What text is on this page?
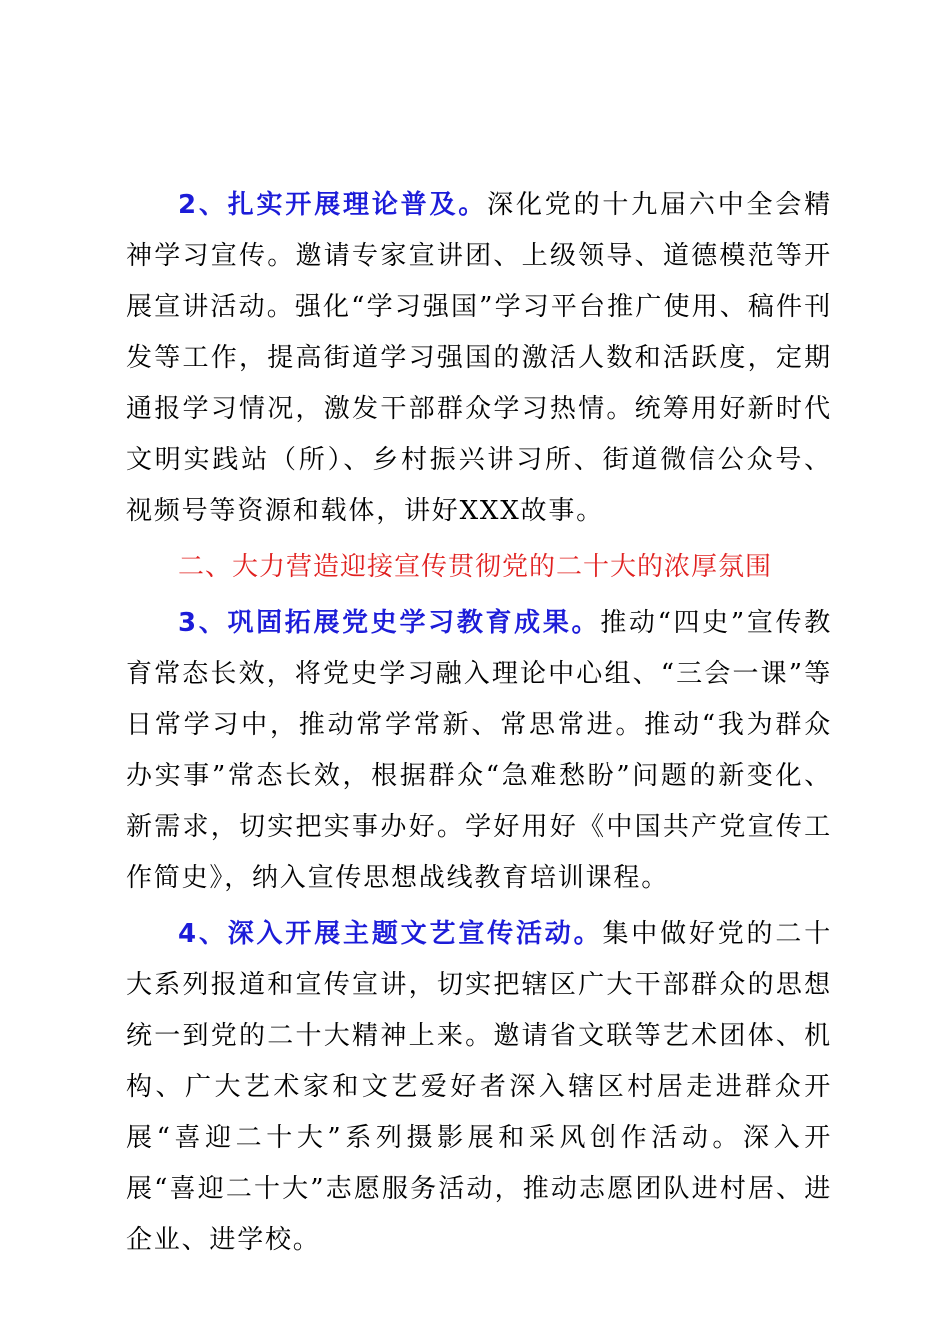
2、扎实开展理论普及。深化党的十九届六中全会精神学习宣传。邀请专家宣讲团、上级领导、道德模范等开展宣讲活动。强化“学习强国”学习平台推广使用、稿件刊发等工作，提高街道学习强国的激活人数和活跃度，定期通报学习情况，激发干部群众学习热情。统筹用好新时代文明实践站（所）、乡村振兴讲习所、街道微信公众号、视频号等资源和载体，讲好XXX故事。

二、大力营造迎接宣传贯彻党的二十大的浓厚氛围

3、巩固拓展党史学习教育成果。推动“四史”宣传教育常态长效，将党史学习融入理论中心组、“三会一课”等日常学习中，推动常学常新、常思常进。推动“我为群众办实事”常态长效，根据群众“急难愁盼”问题的新变化、新需求，切实把实事办好。学好用好《中国共产党宣传工作简史》，纳入宣传思想战线教育培训课程。

4、深入开展主题文艺宣传活动。集中做好党的二十大系列报道和宣传宣讲，切实把辖区广大干部群众的思想统一到党的二十大精神上来。邀请省文联等艺术团体、机构、广大艺术家和文艺爱好者深入辖区村居走进群众开展“喜迎二十大”系列摄影展和采风创作活动。深入开展“喜迎二十大”志愿服务活动，推动志愿团队进村居、进企业、进学校。
